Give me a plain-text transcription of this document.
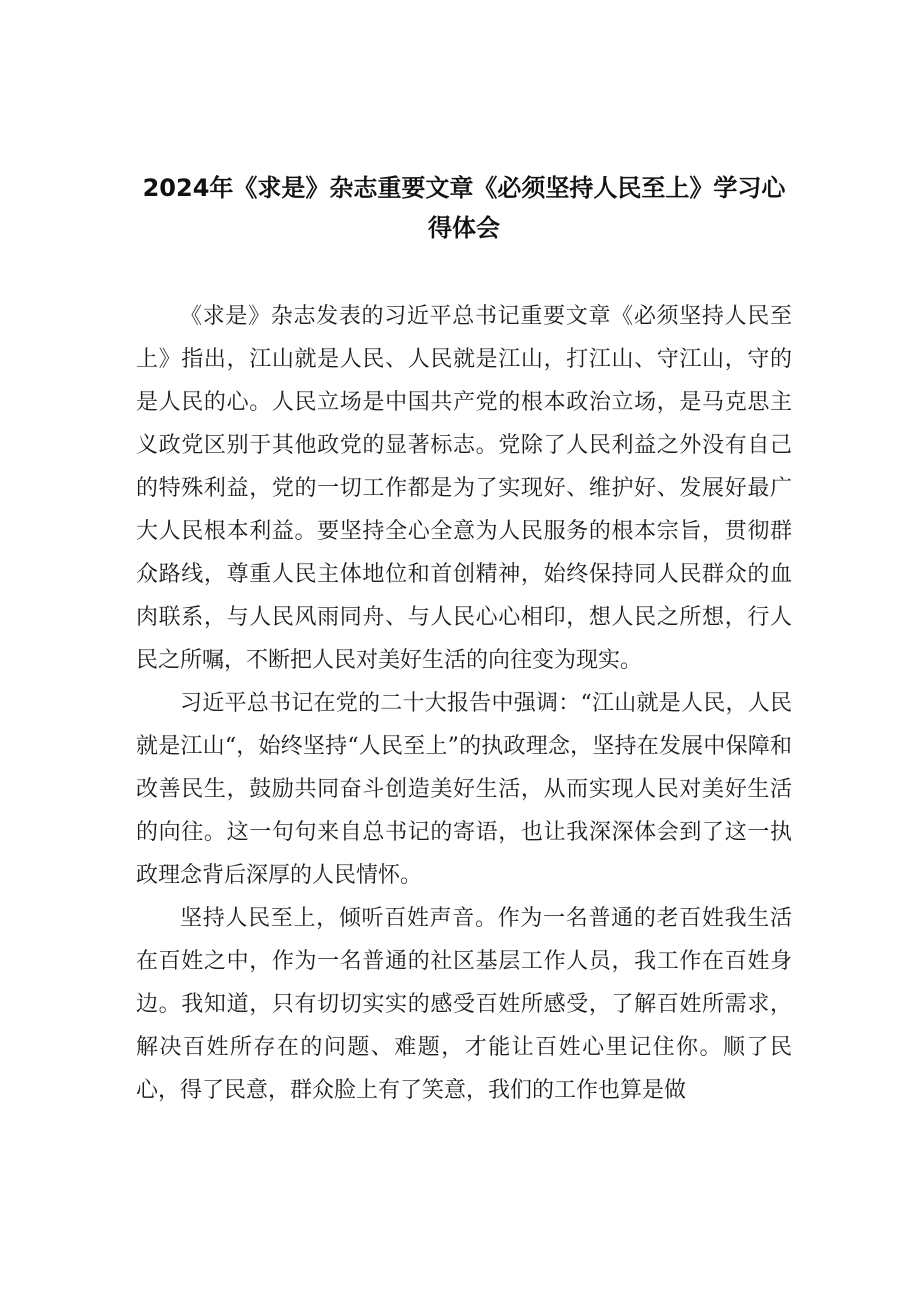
2024年《求是》杂志重要文章《必须坚持人民至上》学习心得体会

《求是》杂志发表的习近平总书记重要文章《必须坚持人民至上》指出，江山就是人民、人民就是江山，打江山、守江山，守的是人民的心。人民立场是中国共产党的根本政治立场，是马克思主义政党区别于其他政党的显著标志。党除了人民利益之外没有自己的特殊利益，党的一切工作都是为了实现好、维护好、发展好最广大人民根本利益。要坚持全心全意为人民服务的根本宗旨，贯彻群众路线，尊重人民主体地位和首创精神，始终保持同人民群众的血肉联系，与人民风雨同舟、与人民心心相印，想人民之所想，行人民之所嘱，不断把人民对美好生活的向往变为现实。

习近平总书记在党的二十大报告中强调：“江山就是人民，人民就是江山“，始终坚持“人民至上”的执政理念，坚持在发展中保障和改善民生，鼓励共同奋斗创造美好生活，从而实现人民对美好生活的向往。这一句句来自总书记的寄语，也让我深深体会到了这一执政理念背后深厚的人民情怀。

坚持人民至上，倾听百姓声音。作为一名普通的老百姓我生活在百姓之中，作为一名普通的社区基层工作人员，我工作在百姓身边。我知道，只有切切实实的感受百姓所感受，了解百姓所需求，解决百姓所存在的问题、难题，才能让百姓心里记住你。顺了民心，得了民意，群众脸上有了笑意，我们的工作也算是做
